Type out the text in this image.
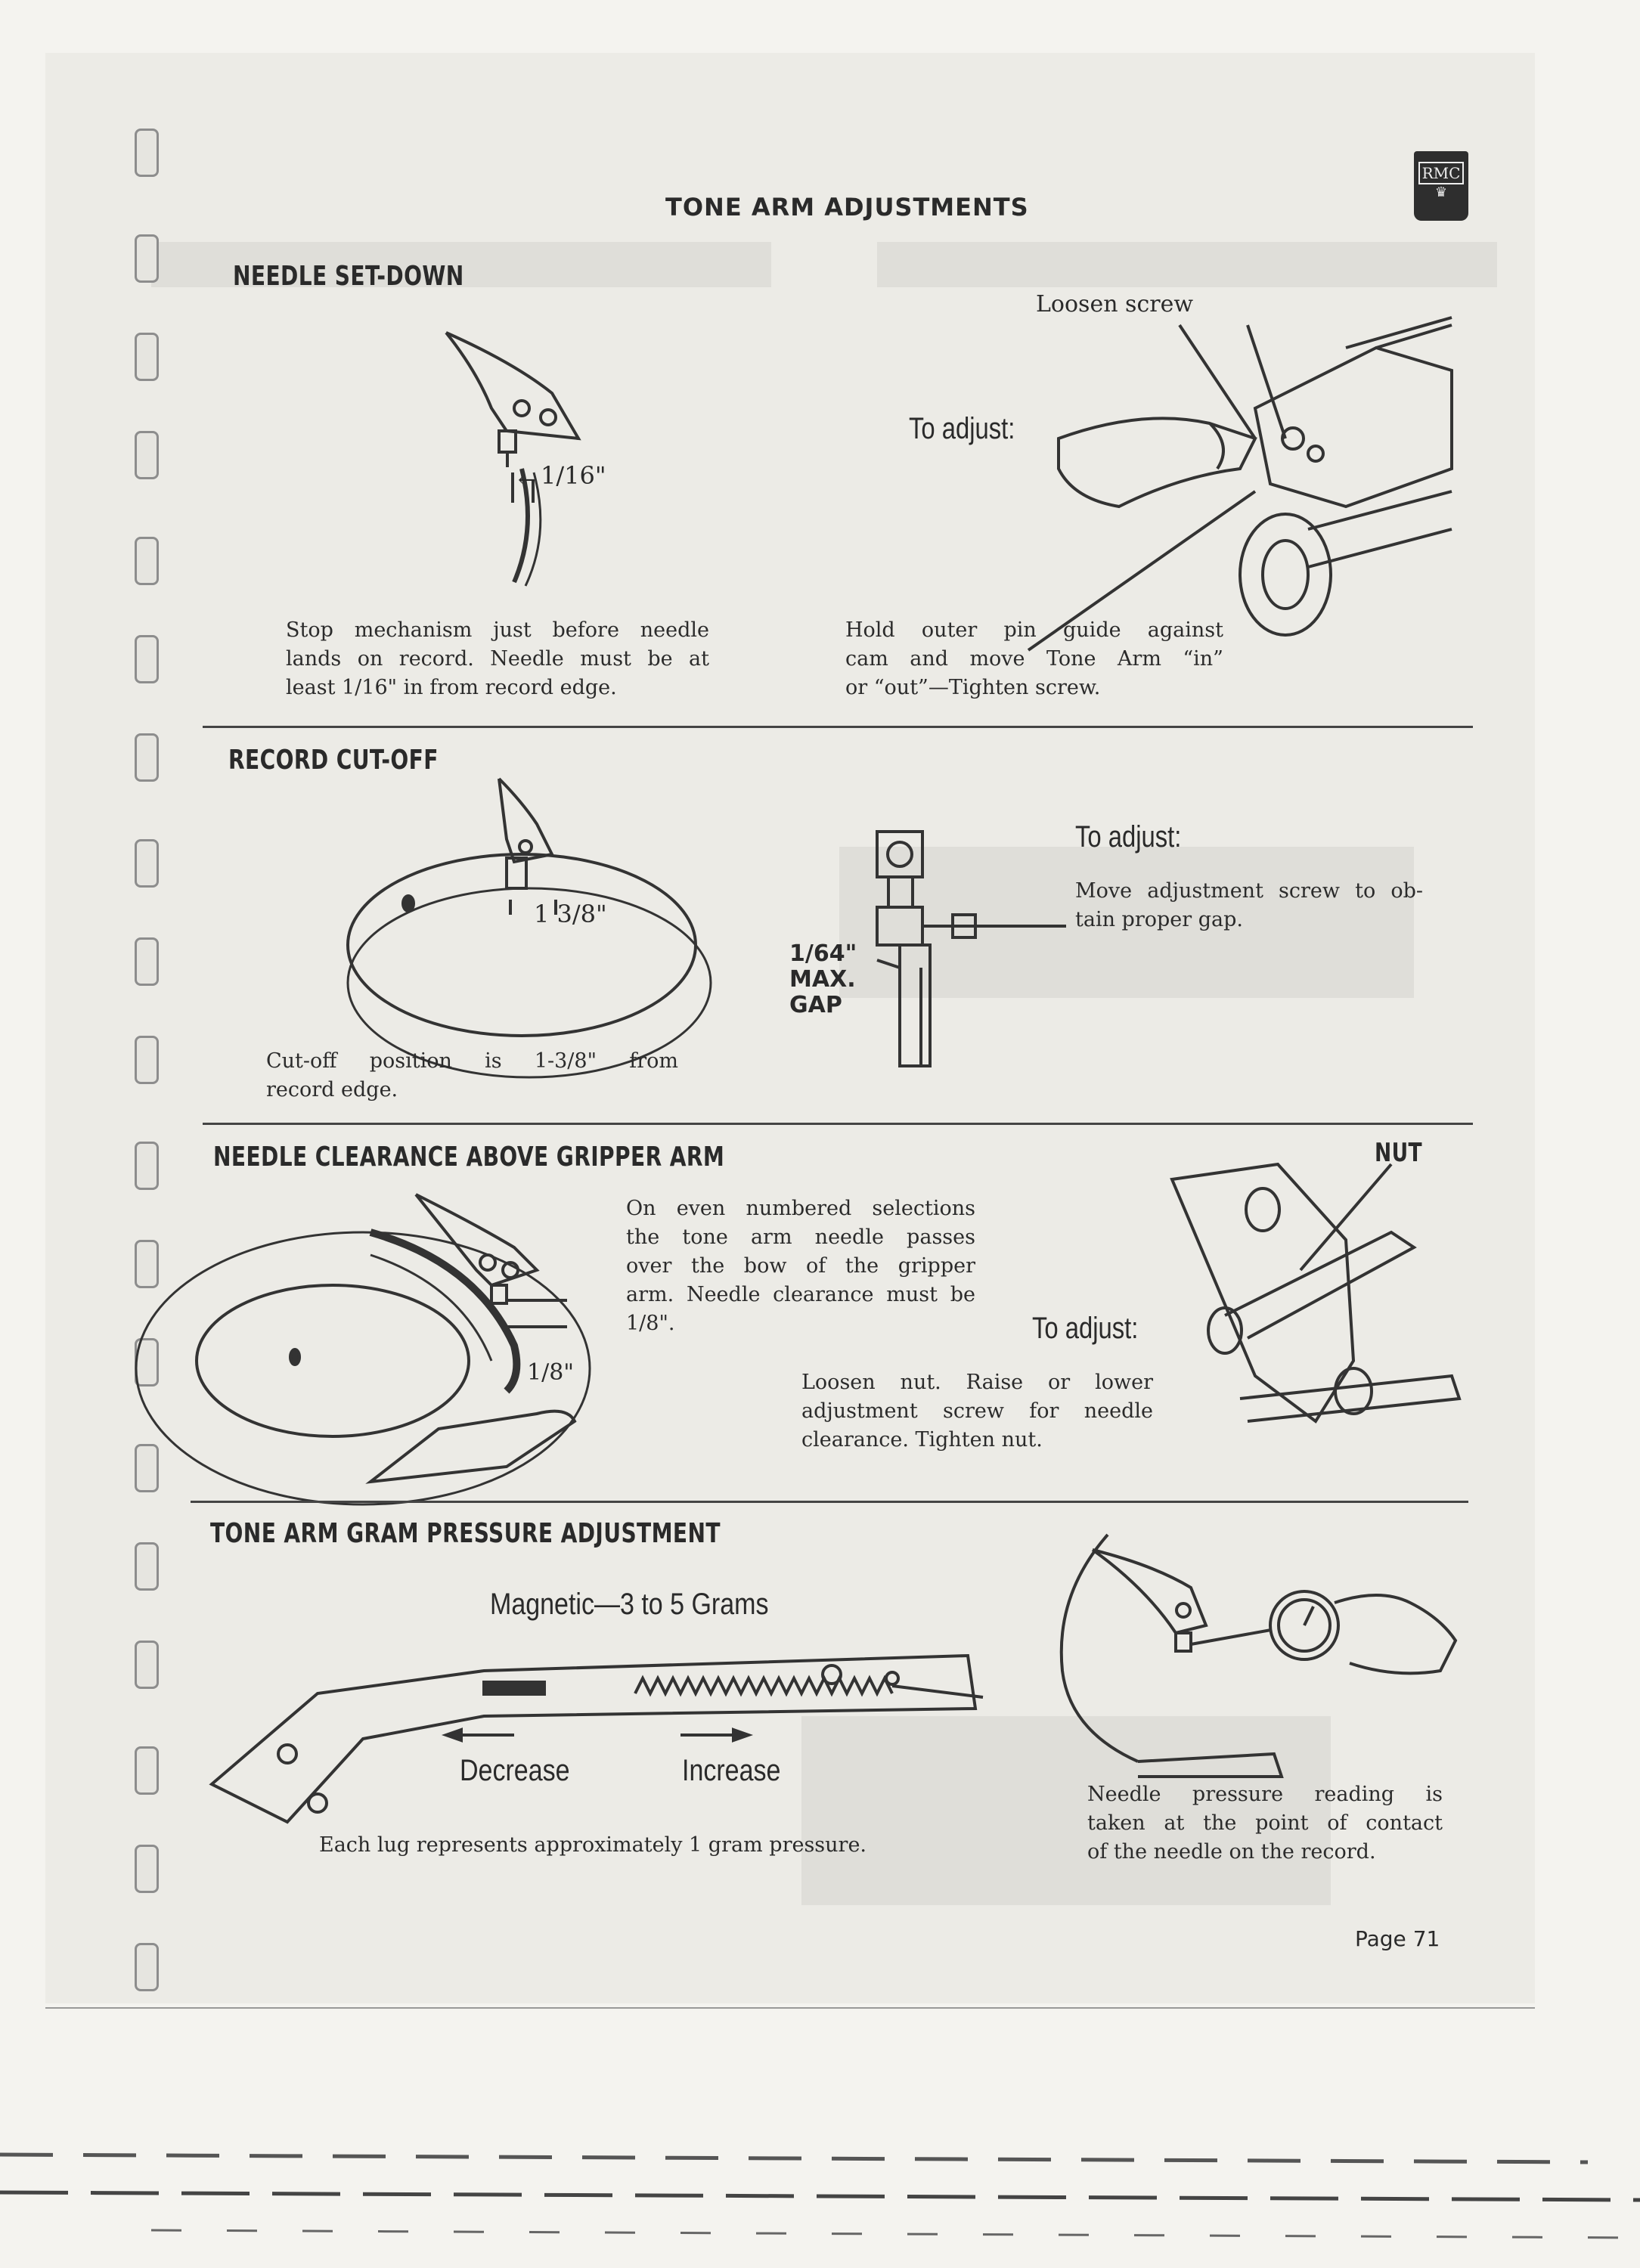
TONE ARM ADJUSTMENTS
RMC
♛
NEEDLE SET-DOWN
1/16"
←
Stop mechanism just before needle
lands on record. Needle must be at
least 1/16" in from record edge.
Loosen screw
To adjust:
Hold outer pin guide against
cam and move Tone Arm “in”
or “out”—Tighten screw.
RECORD CUT-OFF
1 3/8"
Cut-off position is 1-3/8" from
record edge.
1/64"
MAX.
GAP
To adjust:
Move adjustment screw to ob-
tain proper gap.
NEEDLE CLEARANCE ABOVE GRIPPER ARM
1/8"
On even numbered selections
the tone arm needle passes
over the bow of the gripper
arm. Needle clearance must be
1/8".
NUT
To adjust:
Loosen nut. Raise or lower
adjustment screw for needle
clearance. Tighten nut.
TONE ARM GRAM PRESSURE ADJUSTMENT
Magnetic—3 to 5 Grams
Decrease	Increase
Each lug represents approximately 1 gram pressure.
Needle pressure reading is
taken at the point of contact
of the needle on the record.
Page 71
